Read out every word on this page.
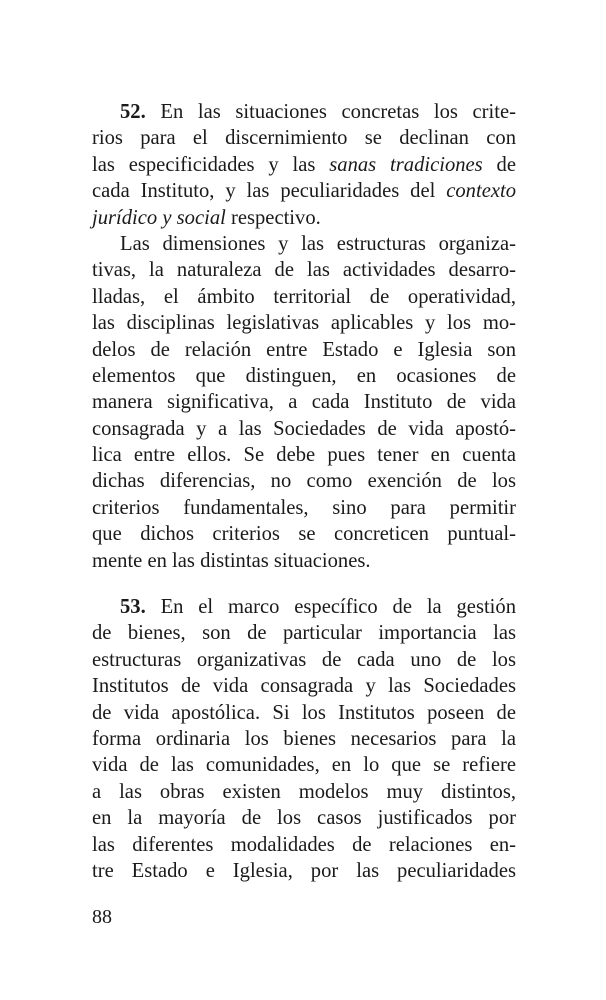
52. En las situaciones concretas los crite-
rios para el discernimiento se declinan con
las especificidades y las sanas tradiciones de
cada Instituto, y las peculiaridades del contexto
jurídico y social respectivo.
Las dimensiones y las estructuras organiza-
tivas, la naturaleza de las actividades desarro-
lladas, el ámbito territorial de operatividad,
las disciplinas legislativas aplicables y los mo-
delos de relación entre Estado e Iglesia son
elementos que distinguen, en ocasiones de
manera significativa, a cada Instituto de vida
consagrada y a las Sociedades de vida apostó-
lica entre ellos. Se debe pues tener en cuenta
dichas diferencias, no como exención de los
criterios fundamentales, sino para permitir
que dichos criterios se concreticen puntual-
mente en las distintas situaciones.
53. En el marco específico de la gestión
de bienes, son de particular importancia las
estructuras organizativas de cada uno de los
Institutos de vida consagrada y las Sociedades
de vida apostólica. Si los Institutos poseen de
forma ordinaria los bienes necesarios para la
vida de las comunidades, en lo que se refiere
a las obras existen modelos muy distintos,
en la mayoría de los casos justificados por
las diferentes modalidades de relaciones en-
tre Estado e Iglesia, por las peculiaridades
88
